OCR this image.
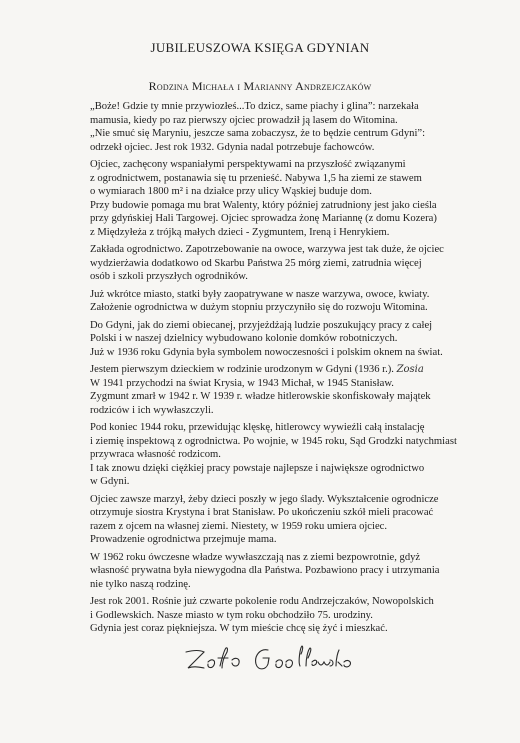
JUBILEUSZOWA KSIĘGA GDYNIAN
Rodzina Michała i Marianny Andrzejczaków

„Boże! Gdzie ty mnie przywiozłeś...To dzicz, same piachy i glina”: narzekała
mamusia, kiedy po raz pierwszy ojciec prowadził ją lasem do Witomina.
„Nie smuć się Maryniu, jeszcze sama zobaczysz, że to będzie centrum Gdyni”:
odrzekł ojciec. Jest rok 1932. Gdynia nadal potrzebuje fachowców.

Ojciec, zachęcony wspaniałymi perspektywami na przyszłość związanymi
z ogrodnictwem, postanawia się tu przenieść. Nabywa 1,5 ha ziemi ze stawem
o wymiarach 1800 m² i na działce przy ulicy Wąskiej buduje dom.
Przy budowie pomaga mu brat Walenty, który później zatrudniony jest jako cieśla
przy gdyńskiej Hali Targowej. Ojciec sprowadza żonę Mariannę (z domu Kozera)
z Międzyłeża z trójką małych dzieci - Zygmuntem, Ireną i Henrykiem.

Zakłada ogrodnictwo. Zapotrzebowanie na owoce, warzywa jest tak duże, że ojciec
wydzierżawia dodatkowo od Skarbu Państwa 25 mórg ziemi, zatrudnia więcej
osób i szkoli przyszłych ogrodników.

Już wkrótce miasto, statki były zaopatrywane w nasze warzywa, owoce, kwiaty.
Założenie ogrodnictwa w dużym stopniu przyczyniło się do rozwoju Witomina.

Do Gdyni, jak do ziemi obiecanej, przyjeżdżają ludzie poszukujący pracy z całej
Polski i w naszej dzielnicy wybudowano kolonie domków robotniczych.
Już w 1936 roku Gdynia była symbolem nowoczesności i polskim oknem na świat.

Jestem pierwszym dzieckiem w rodzinie urodzonym w Gdyni (1936 r.). Zosia
W 1941 przychodzi na świat Krysia, w 1943 Michał, w 1945 Stanisław.
Zygmunt zmarł w 1942 r. W 1939 r. władze hitlerowskie skonfiskowały majątek
rodziców i ich wywłaszczyli.

Pod koniec 1944 roku, przewidując klęskę, hitlerowcy wywieźli całą instalację
i ziemię inspektową z ogrodnictwa. Po wojnie, w 1945 roku, Sąd Grodzki natychmiast
przywraca własność rodzicom.
I tak znowu dzięki ciężkiej pracy powstaje najlepsze i największe ogrodnictwo
w Gdyni.

Ojciec zawsze marzył, żeby dzieci poszły w jego ślady. Wykształcenie ogrodnicze
otrzymuje siostra Krystyna i brat Stanisław. Po ukończeniu szkół mieli pracować
razem z ojcem na własnej ziemi. Niestety, w 1959 roku umiera ojciec.
Prowadzenie ogrodnictwa przejmuje mama.

W 1962 roku ówczesne władze wywłaszczają nas z ziemi bezpowrotnie, gdyż
własność prywatna była niewygodna dla Państwa. Pozbawiono pracy i utrzymania
nie tylko naszą rodzinę.

Jest rok 2001. Rośnie już czwarte pokolenie rodu Andrzejczaków, Nowopolskich
i Godlewskich. Nasze miasto w tym roku obchodziło 75. urodziny.
Gdynia jest coraz piękniejsza. W tym mieście chcę się żyć i mieszkać.
